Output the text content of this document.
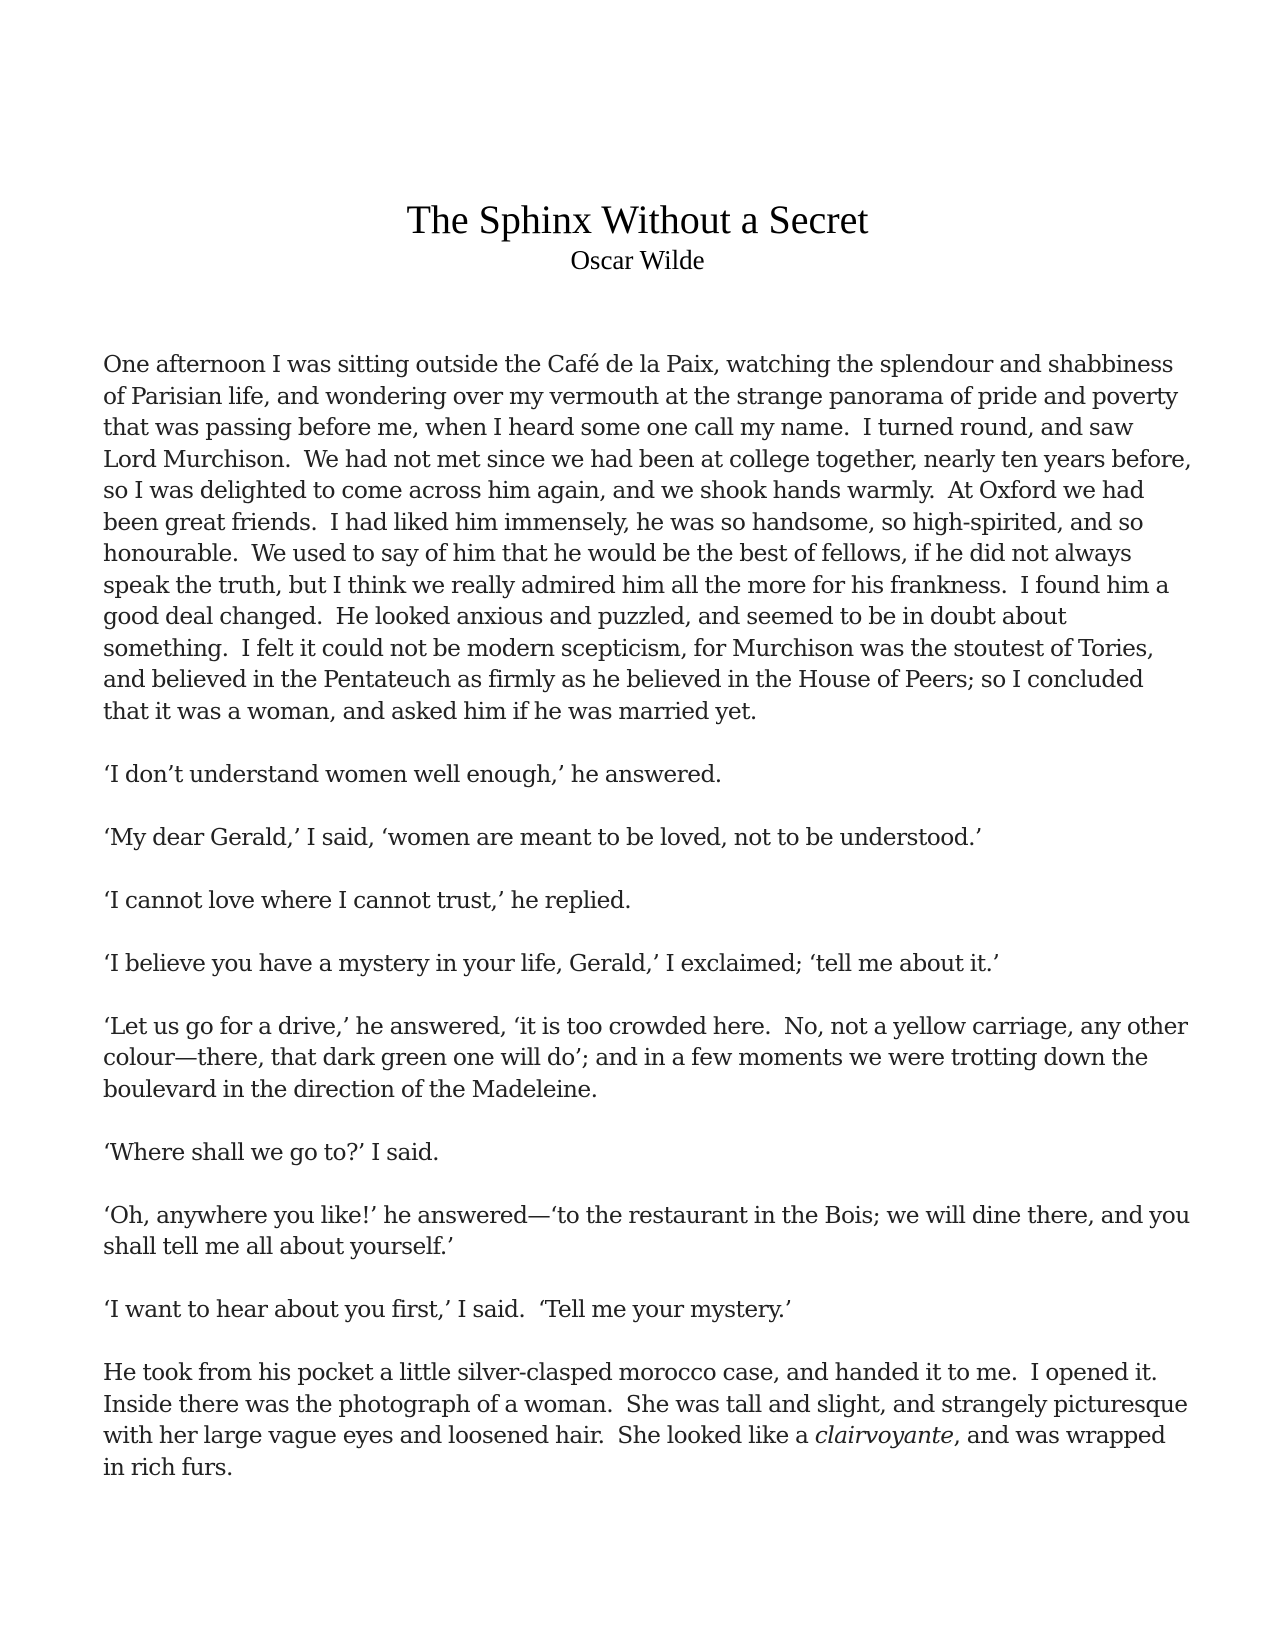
The Sphinx Without a Secret
Oscar Wilde

One afternoon I was sitting outside the Café de la Paix, watching the splendour and shabbiness
of Parisian life, and wondering over my vermouth at the strange panorama of pride and poverty
that was passing before me, when I heard some one call my name.  I turned round, and saw
Lord Murchison.  We had not met since we had been at college together, nearly ten years before,
so I was delighted to come across him again, and we shook hands warmly.  At Oxford we had
been great friends.  I had liked him immensely, he was so handsome, so high-spirited, and so
honourable.  We used to say of him that he would be the best of fellows, if he did not always
speak the truth, but I think we really admired him all the more for his frankness.  I found him a
good deal changed.  He looked anxious and puzzled, and seemed to be in doubt about
something.  I felt it could not be modern scepticism, for Murchison was the stoutest of Tories,
and believed in the Pentateuch as firmly as he believed in the House of Peers; so I concluded
that it was a woman, and asked him if he was married yet.

‘I don’t understand women well enough,’ he answered.

‘My dear Gerald,’ I said, ‘women are meant to be loved, not to be understood.’

‘I cannot love where I cannot trust,’ he replied.

‘I believe you have a mystery in your life, Gerald,’ I exclaimed; ‘tell me about it.’

‘Let us go for a drive,’ he answered, ‘it is too crowded here.  No, not a yellow carriage, any other
colour—there, that dark green one will do’; and in a few moments we were trotting down the
boulevard in the direction of the Madeleine.

‘Where shall we go to?’ I said.

‘Oh, anywhere you like!’ he answered—‘to the restaurant in the Bois; we will dine there, and you
shall tell me all about yourself.’

‘I want to hear about you first,’ I said.  ‘Tell me your mystery.’

He took from his pocket a little silver-clasped morocco case, and handed it to me.  I opened it.
Inside there was the photograph of a woman.  She was tall and slight, and strangely picturesque
with her large vague eyes and loosened hair.  She looked like a clairvoyante, and was wrapped
in rich furs.
